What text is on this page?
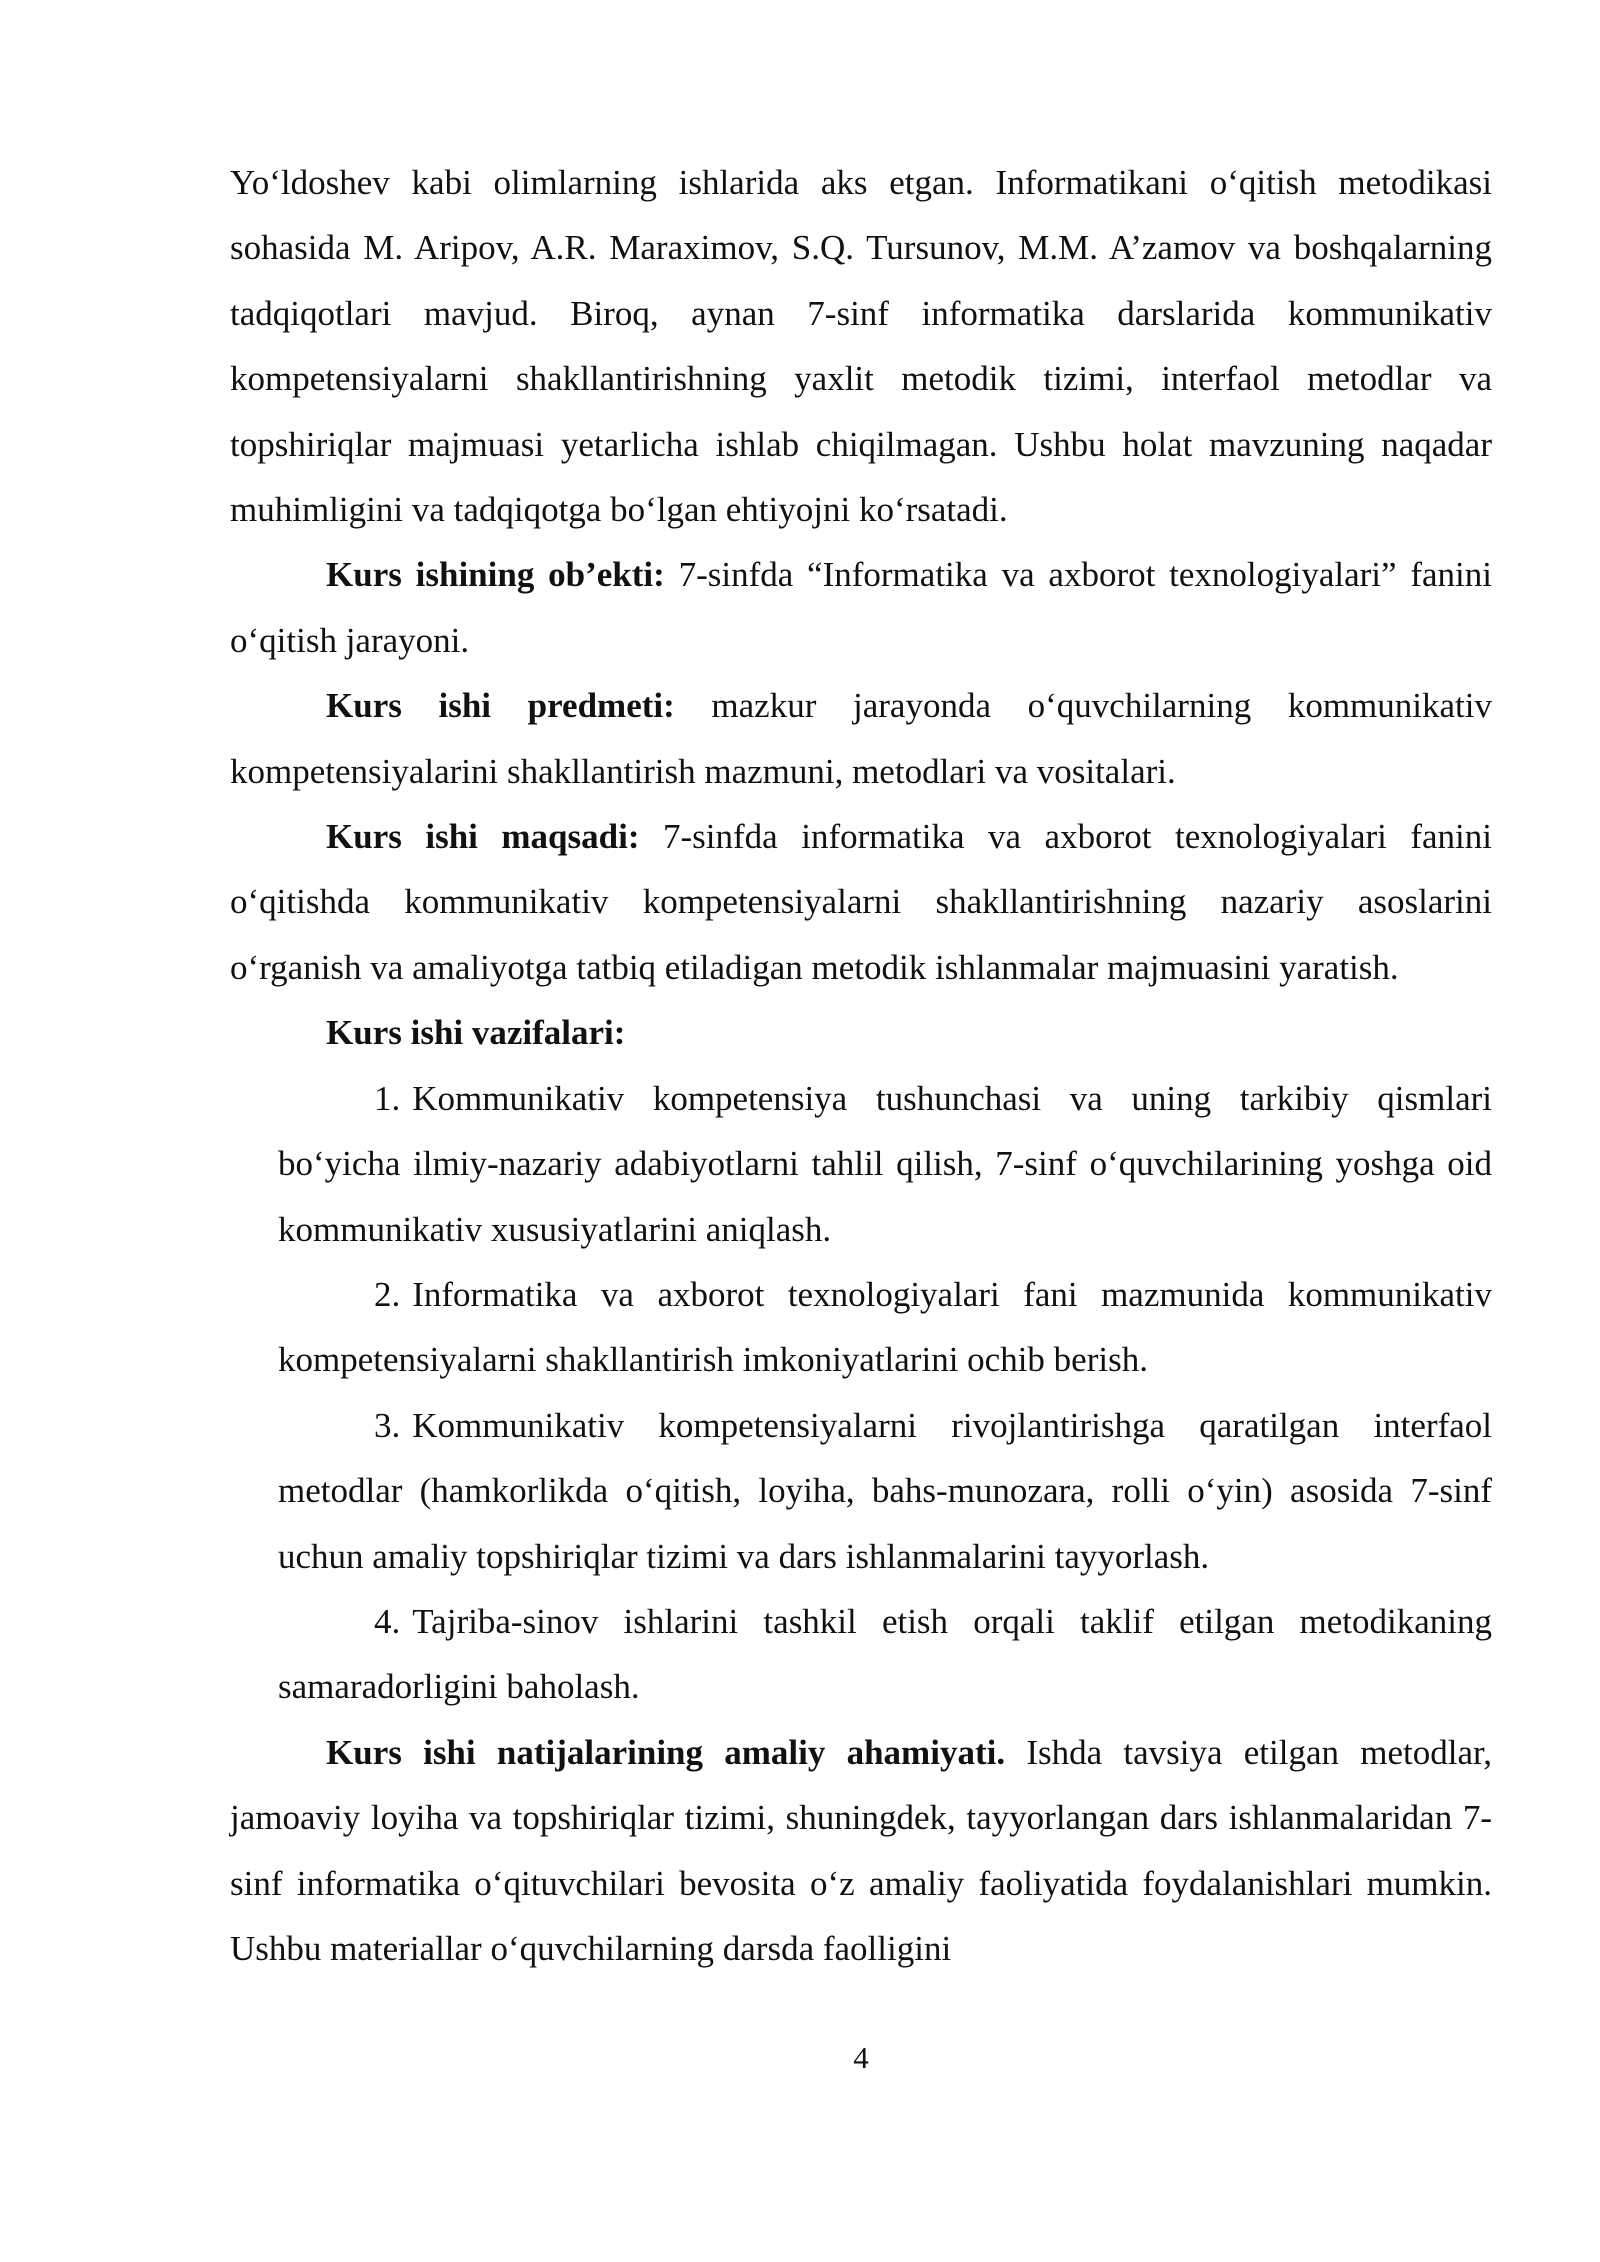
Yo‘ldoshev kabi olimlarning ishlarida aks etgan. Informatikani o‘qitish metodikasi sohasida M. Aripov, A.R. Maraximov, S.Q. Tursunov, M.M. A’zamov va boshqalarning tadqiqotlari mavjud. Biroq, aynan 7-sinf informatika darslarida kommunikativ kompetensiyalarni shakllantirishning yaxlit metodik tizimi, interfaol metodlar va topshiriqlar majmuasi yetarlicha ishlab chiqilmagan. Ushbu holat mavzuning naqadar muhimligini va tadqiqotga bo‘lgan ehtiyojni ko‘rsatadi.

Kurs ishining ob’ekti: 7-sinfda “Informatika va axborot texnologiyalari” fanini o‘qitish jarayoni.

Kurs ishi predmeti: mazkur jarayonda o‘quvchilarning kommunikativ kompetensiyalarini shakllantirish mazmuni, metodlari va vositalari.

Kurs ishi maqsadi: 7-sinfda informatika va axborot texnologiyalari fanini o‘qitishda kommunikativ kompetensiyalarni shakllantirishning nazariy asoslarini o‘rganish va amaliyotga tatbiq etiladigan metodik ishlanmalar majmuasini yaratish.

Kurs ishi vazifalari:

1. Kommunikativ kompetensiya tushunchasi va uning tarkibiy qismlari bo‘yicha ilmiy-nazariy adabiyotlarni tahlil qilish, 7-sinf o‘quvchilarining yoshga oid kommunikativ xususiyatlarini aniqlash.
2. Informatika va axborot texnologiyalari fani mazmunida kommunikativ kompetensiyalarni shakllantirish imkoniyatlarini ochib berish.
3. Kommunikativ kompetensiyalarni rivojlantirishga qaratilgan interfaol metodlar (hamkorlikda o‘qitish, loyiha, bahs-munozara, rolli o‘yin) asosida 7-sinf uchun amaliy topshiriqlar tizimi va dars ishlanmalarini tayyorlash.
4. Tajriba-sinov ishlarini tashkil etish orqali taklif etilgan metodikaning samaradorligini baholash.

Kurs ishi natijalarining amaliy ahamiyati. Ishda tavsiya etilgan metodlar, jamoaviy loyiha va topshiriqlar tizimi, shuningdek, tayyorlangan dars ishlanmalaridan 7-sinf informatika o‘qituvchilari bevosita o‘z amaliy faoliyatida foydalanishlari mumkin. Ushbu materiallar o‘quvchilarning darsda faolligini

4
